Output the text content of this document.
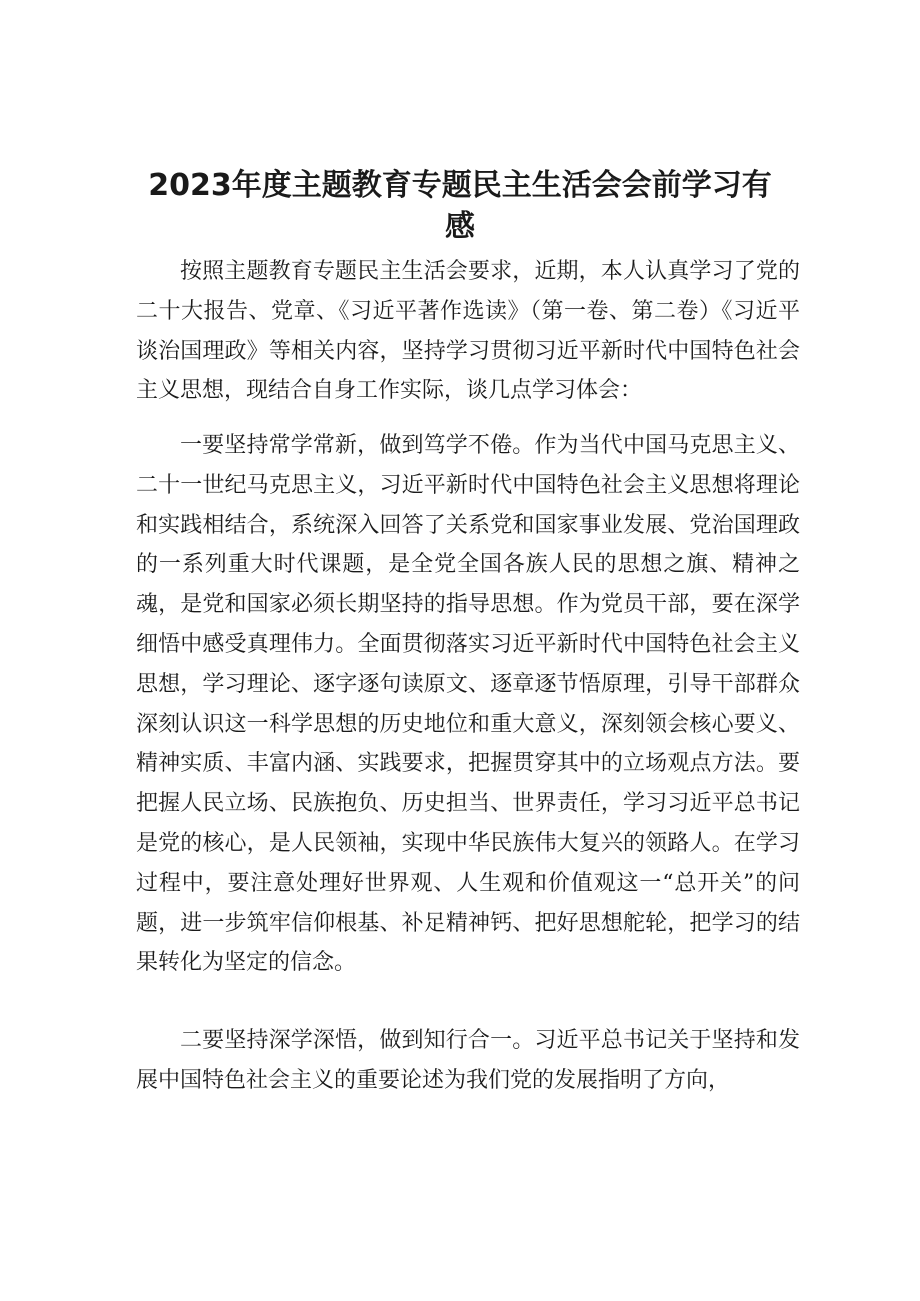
2023年度主题教育专题民主生活会会前学习有
感

按照主题教育专题民主生活会要求，近期，本人认真学习了党的二十大报告、党章、《习近平著作选读》（第一卷、第二卷）《习近平谈治国理政》等相关内容，坚持学习贯彻习近平新时代中国特色社会主义思想，现结合自身工作实际，谈几点学习体会：

一要坚持常学常新，做到笃学不倦。作为当代中国马克思主义、二十一世纪马克思主义，习近平新时代中国特色社会主义思想将理论和实践相结合，系统深入回答了关系党和国家事业发展、党治国理政的一系列重大时代课题，是全党全国各族人民的思想之旗、精神之魂，是党和国家必须长期坚持的指导思想。作为党员干部，要在深学细悟中感受真理伟力。全面贯彻落实习近平新时代中国特色社会主义思想，学习理论、逐字逐句读原文、逐章逐节悟原理，引导干部群众深刻认识这一科学思想的历史地位和重大意义，深刻领会核心要义、精神实质、丰富内涵、实践要求，把握贯穿其中的立场观点方法。要把握人民立场、民族抱负、历史担当、世界责任，学习习近平总书记是党的核心，是人民领袖，实现中华民族伟大复兴的领路人。在学习过程中，要注意处理好世界观、人生观和价值观这一“总开关”的问题，进一步筑牢信仰根基、补足精神钙、把好思想舵轮，把学习的结果转化为坚定的信念。

二要坚持深学深悟，做到知行合一。习近平总书记关于坚持和发展中国特色社会主义的重要论述为我们党的发展指明了方向，
